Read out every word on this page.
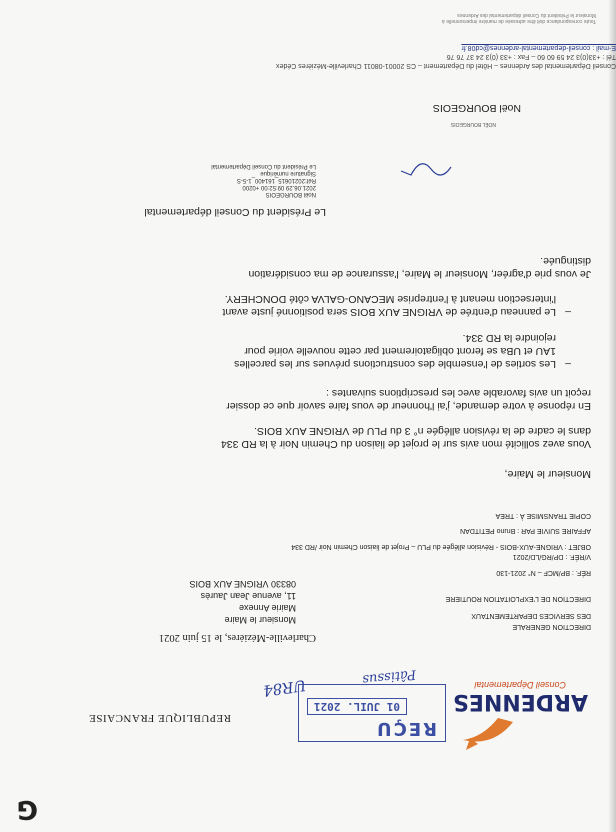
G
REPUBLIQUE FRANCAISE
UR84
ARDENNES
Conseil Départemental
Charleville-Mézières, le 15 juin 2021
REÇU
01 JUIL. 2021
Pâtissus
Monsieur le Maire
Mairie Annexe
11, avenue Jean Jaurès
08330 VRIGNE AUX BOIS
DIRECTION GENERALE
DES SERVICES DEPARTEMENTAUX
DIRECTION DE L'EXPLOITATION ROUTIERE
RÉF. : BP/MCF – N° 2021-130
V/RÉF. : DP/RG/LD/2021
OBJET : VRIGNE-AUX-BOIS - Révision allégée du PLU – Projet de liaison Chemin Noir /RD 334
AFFAIRE SUIVIE PAR : Bruno PETITDAN
COPIE TRANSMISE À : TREA
Monsieur le Maire,
Vous avez sollicité mon avis sur le projet de liaison du Chemin Noir à la RD 334
dans le cadre de la révision allégée n° 3 du PLU de VRIGNE AUX BOIS.
En réponse à votre demande, j'ai l'honneur de vous faire savoir que ce dossier
reçoit un avis favorable avec les prescriptions suivantes :
–
Les sorties de l'ensemble des constructions prévues sur les parcelles
1AU et UBa se feront obligatoirement par cette nouvelle voirie pour
rejoindre la RD 334.
–
Le panneau d'entrée de VRIGNE AUX BOIS sera positionné juste avant
l'intersection menant à l'entreprise MECANO-GALVA côté DONCHERY.
Je vous prie d'agréer, Monsieur le Maire, l'assurance de ma considération
distinguée.
Le Président du Conseil départemental
Noël BOURGEOIS
2021.06.29 09:52:00 +0200
Réf:20210615_161400_1-5-S
Signature numérique
Le Président du Conseil Départemental
NOËL BOURGEOIS
Noël BOURGEOIS
Conseil Départemental des Ardennes – Hôtel du Département – CS 20001-08011 Charleville-Mézières Cédex
Tél : +33(0)3 24 59 60 60 – Fax : +33 (0)3 24 37 76 76
E-mail : conseil-departemental-ardennes@cd08.fr
Toute correspondance doit être adressée de manière impersonnelle à
Monsieur le Président du Conseil départemental des Ardennes
